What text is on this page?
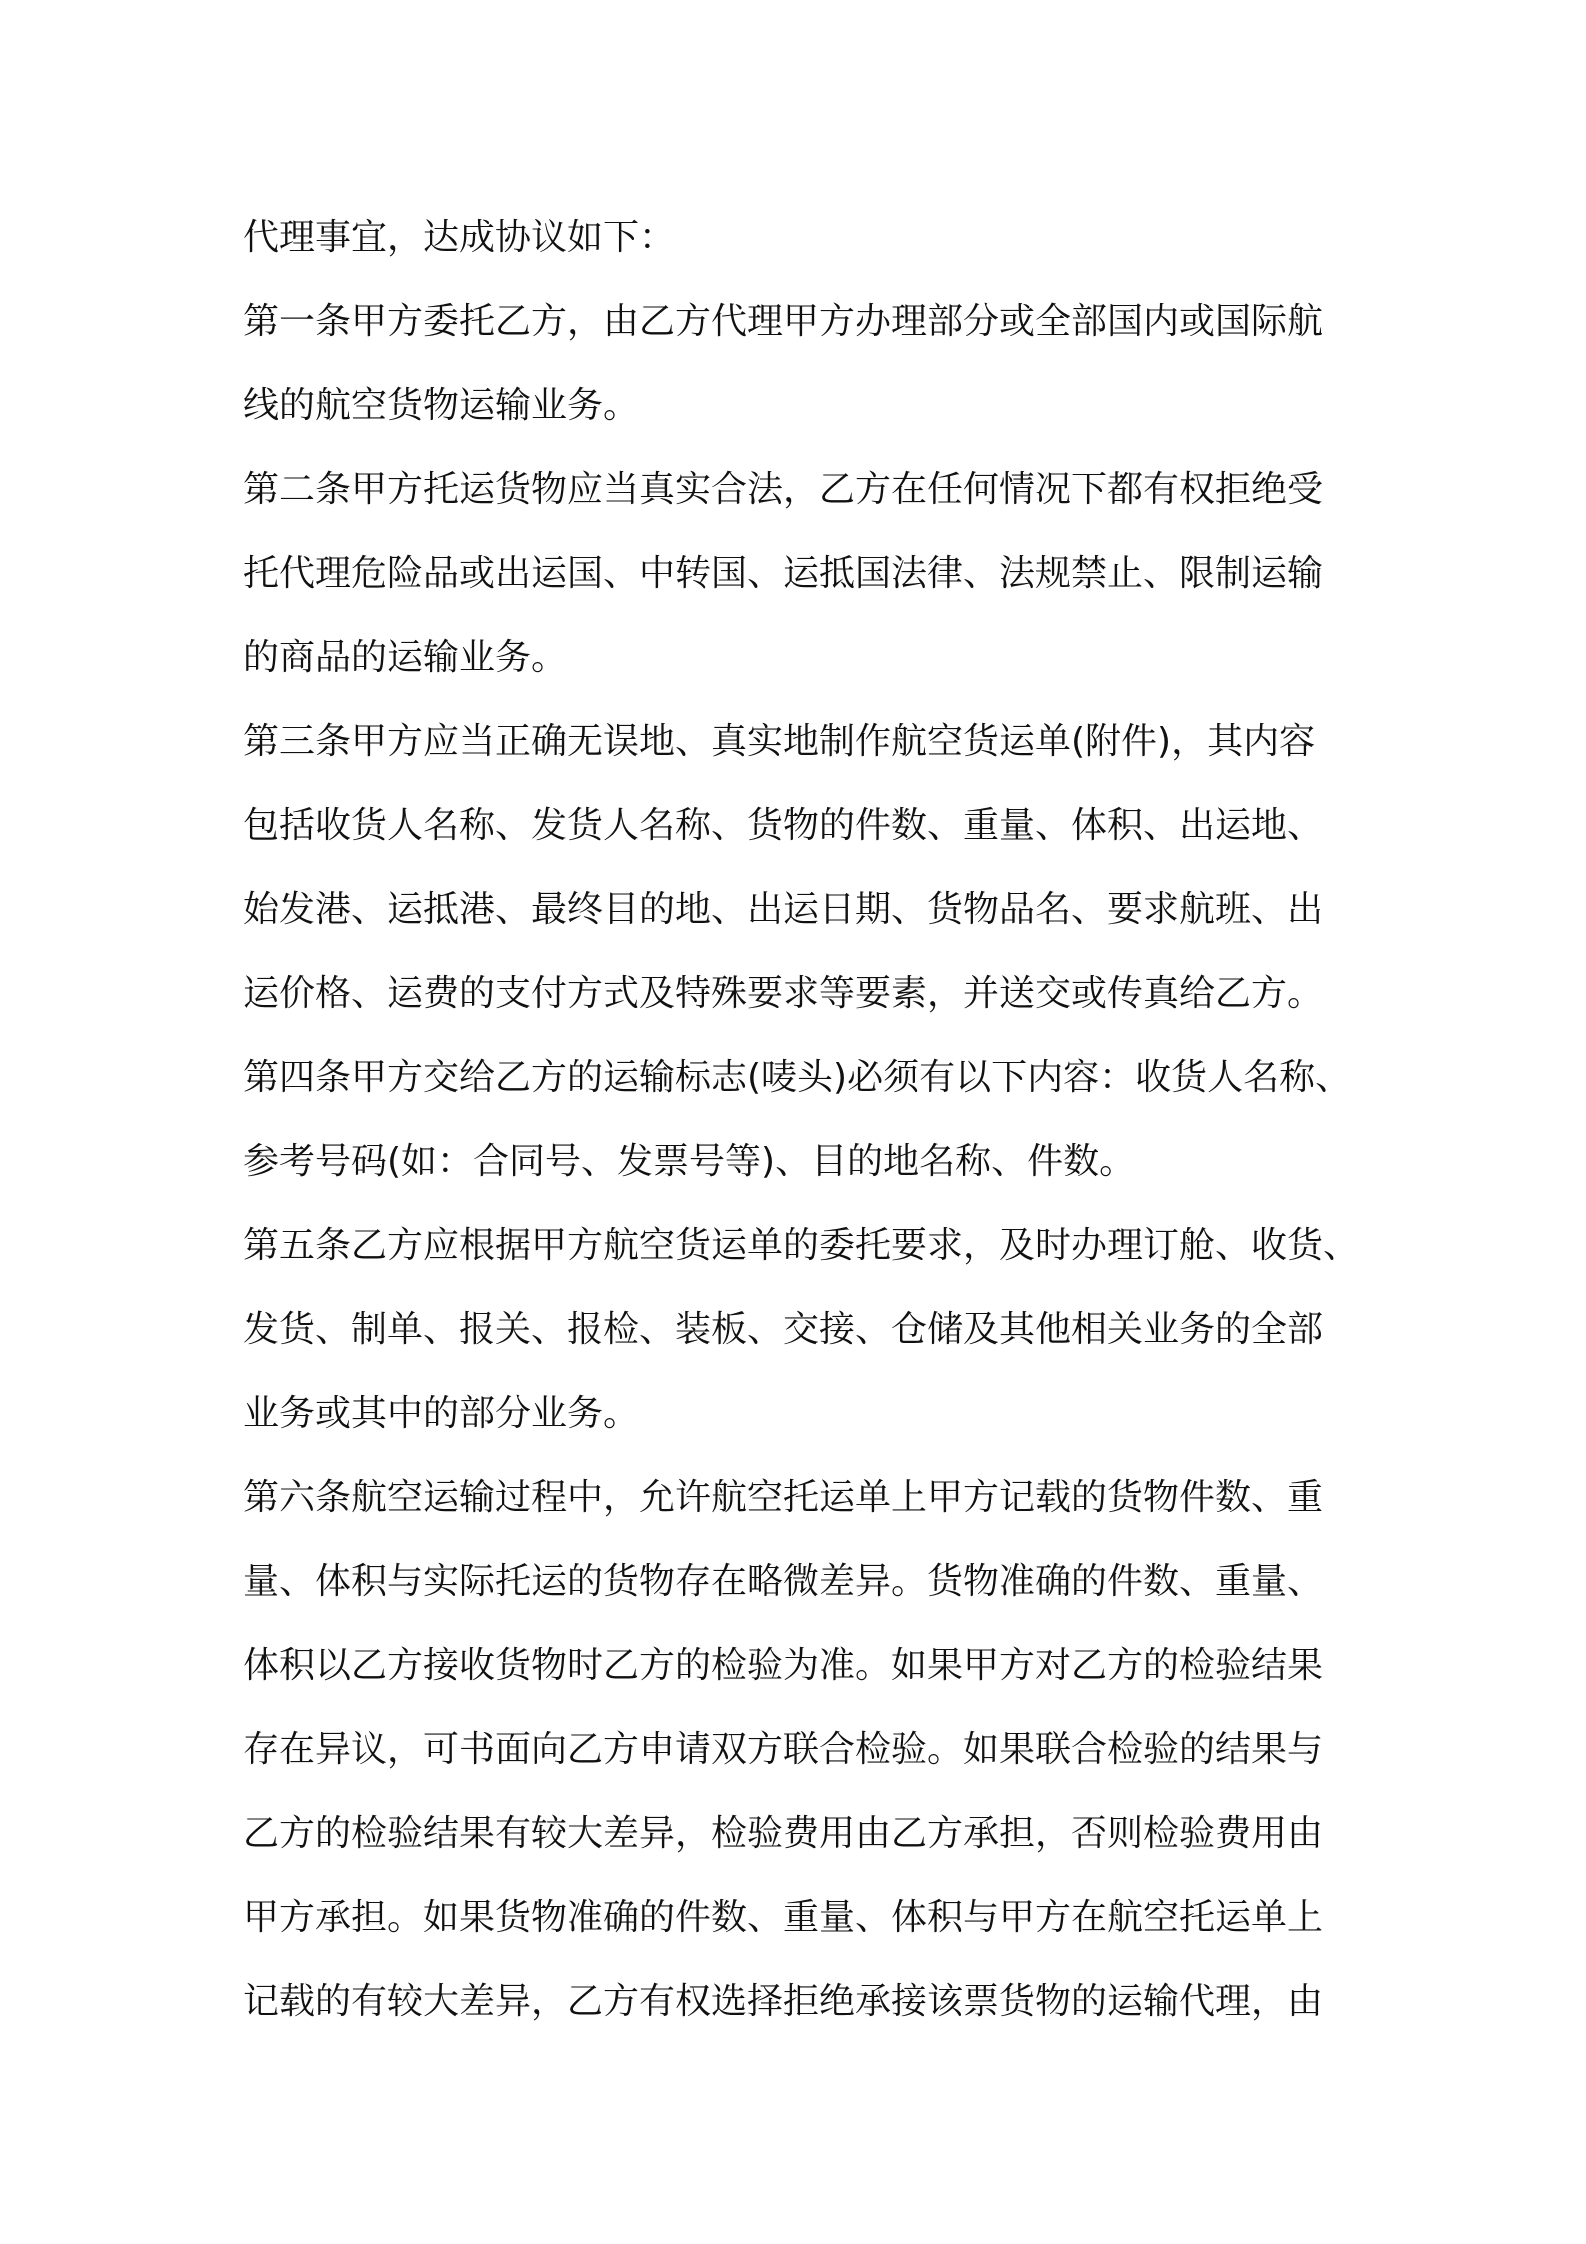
代理事宜，达成协议如下：
第一条甲方委托乙方，由乙方代理甲方办理部分或全部国内或国际航
线的航空货物运输业务。
第二条甲方托运货物应当真实合法，乙方在任何情况下都有权拒绝受
托代理危险品或出运国、中转国、运抵国法律、法规禁止、限制运输
的商品的运输业务。
第三条甲方应当正确无误地、真实地制作航空货运单(附件)，其内容
包括收货人名称、发货人名称、货物的件数、重量、体积、出运地、
始发港、运抵港、最终目的地、出运日期、货物品名、要求航班、出
运价格、运费的支付方式及特殊要求等要素，并送交或传真给乙方。
第四条甲方交给乙方的运输标志(唛头)必须有以下内容：收货人名称、
参考号码(如：合同号、发票号等)、目的地名称、件数。
第五条乙方应根据甲方航空货运单的委托要求，及时办理订舱、收货、
发货、制单、报关、报检、装板、交接、仓储及其他相关业务的全部
业务或其中的部分业务。
第六条航空运输过程中，允许航空托运单上甲方记载的货物件数、重
量、体积与实际托运的货物存在略微差异。货物准确的件数、重量、
体积以乙方接收货物时乙方的检验为准。如果甲方对乙方的检验结果
存在异议，可书面向乙方申请双方联合检验。如果联合检验的结果与
乙方的检验结果有较大差异，检验费用由乙方承担，否则检验费用由
甲方承担。如果货物准确的件数、重量、体积与甲方在航空托运单上
记载的有较大差异，乙方有权选择拒绝承接该票货物的运输代理，由
